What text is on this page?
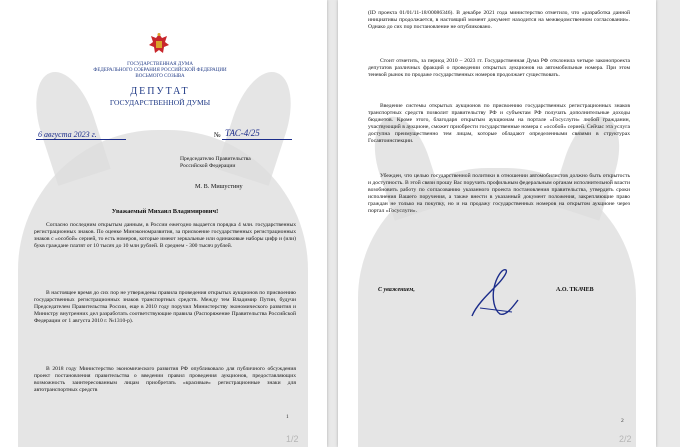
ГОСУДАРСТВЕННАЯ ДУМА
ФЕДЕРАЛЬНОГО СОБРАНИЯ РОССИЙСКОЙ ФЕДЕРАЦИИ
ВОСЬМОГО СОЗЫВА
ДЕПУТАТ
ГОСУДАРСТВЕННОЙ ДУМЫ
6 августа 2023 г.	№ ТАС-4/25
Председателю Правительства
Российской Федерации
М. В. Мишустину
Уважаемый Михаил Владимирович!
Согласно последним открытым данным, в России ежегодно выдается порядка 4 млн. государственных регистрационных знаков. По оценке Минэкономразвития, за присвоение государственных регистрационных знаков с «особой» серией, то есть номеров, которые имеют зеркальные или одинаковые наборы цифр и (или) букв граждане платят от 10 тысяч до 10 млн рублей. В среднем - 300 тысяч рублей.
В настоящее время до сих пор не утверждены правила проведения открытых аукционов по присвоению государственных регистрационных знаков транспортных средств. Между тем Владимир Путин, будучи Председателем Правительства России, еще в 2010 году поручил Министерству экономического развития и Министру внутренних дел разработать соответствующие правила (Распоряжение Правительства Российской Федерации от 1 августа 2010 г. №1310-р).
В 2018 году Министерство экономического развития РФ опубликовало для публичного обсуждения проект постановления правительства о введении правил проведения аукционов, предоставляющих возможность заинтересованным лицам приобретать «красивые» регистрационные знаки для автотранспортных средств
1
1/2
(ID проекта 01/01/11-18/00086346). В декабре 2021 года министерство отметило, что «разработка данной инициативы продолжается, в настоящий момент документ находится на межведомственном согласовании». Однако до сих пор постановление не опубликовано.
Стоит отметить, за период 2010 – 2023 гг. Государственная Дума РФ отклонила четыре законопроекта депутатов различных фракций о проведении открытых аукционов на автомобильные номера. При этом теневой рынок по продаже государственных номеров продолжает существовать.
Введение системы открытых аукционов по присвоению государственных регистрационных знаков транспортных средств позволит правительству РФ и субъектам РФ получать дополнительные доходы бюджетов. Кроме этого, благодаря открытым аукционам на портале «Госуслуги» любой гражданин, участвующий в аукционе, сможет приобрести государственные номера с «особой» серией. Сейчас эта услуга доступна преимущественно тем лицам, которые обладают определенными связями в структурах Госавтоинспекции.
Убежден, что целью государственной политики в отношении автомобилистов должно быть открытость и доступность. В этой связи прошу Вас поручить профильным федеральным органам исполнительной власти возобновить работу по согласованию указанного проекта постановления правительства, утвердить сроки исполнения Вашего поручения, а также внести в указанный документ положения, закрепляющие право граждан не только на покупку, но и на продажу государственных номеров на открытом аукционе через портал «Госуслуги».
С уважением,	А.О. ТКАЧЕВ
2
2/2
